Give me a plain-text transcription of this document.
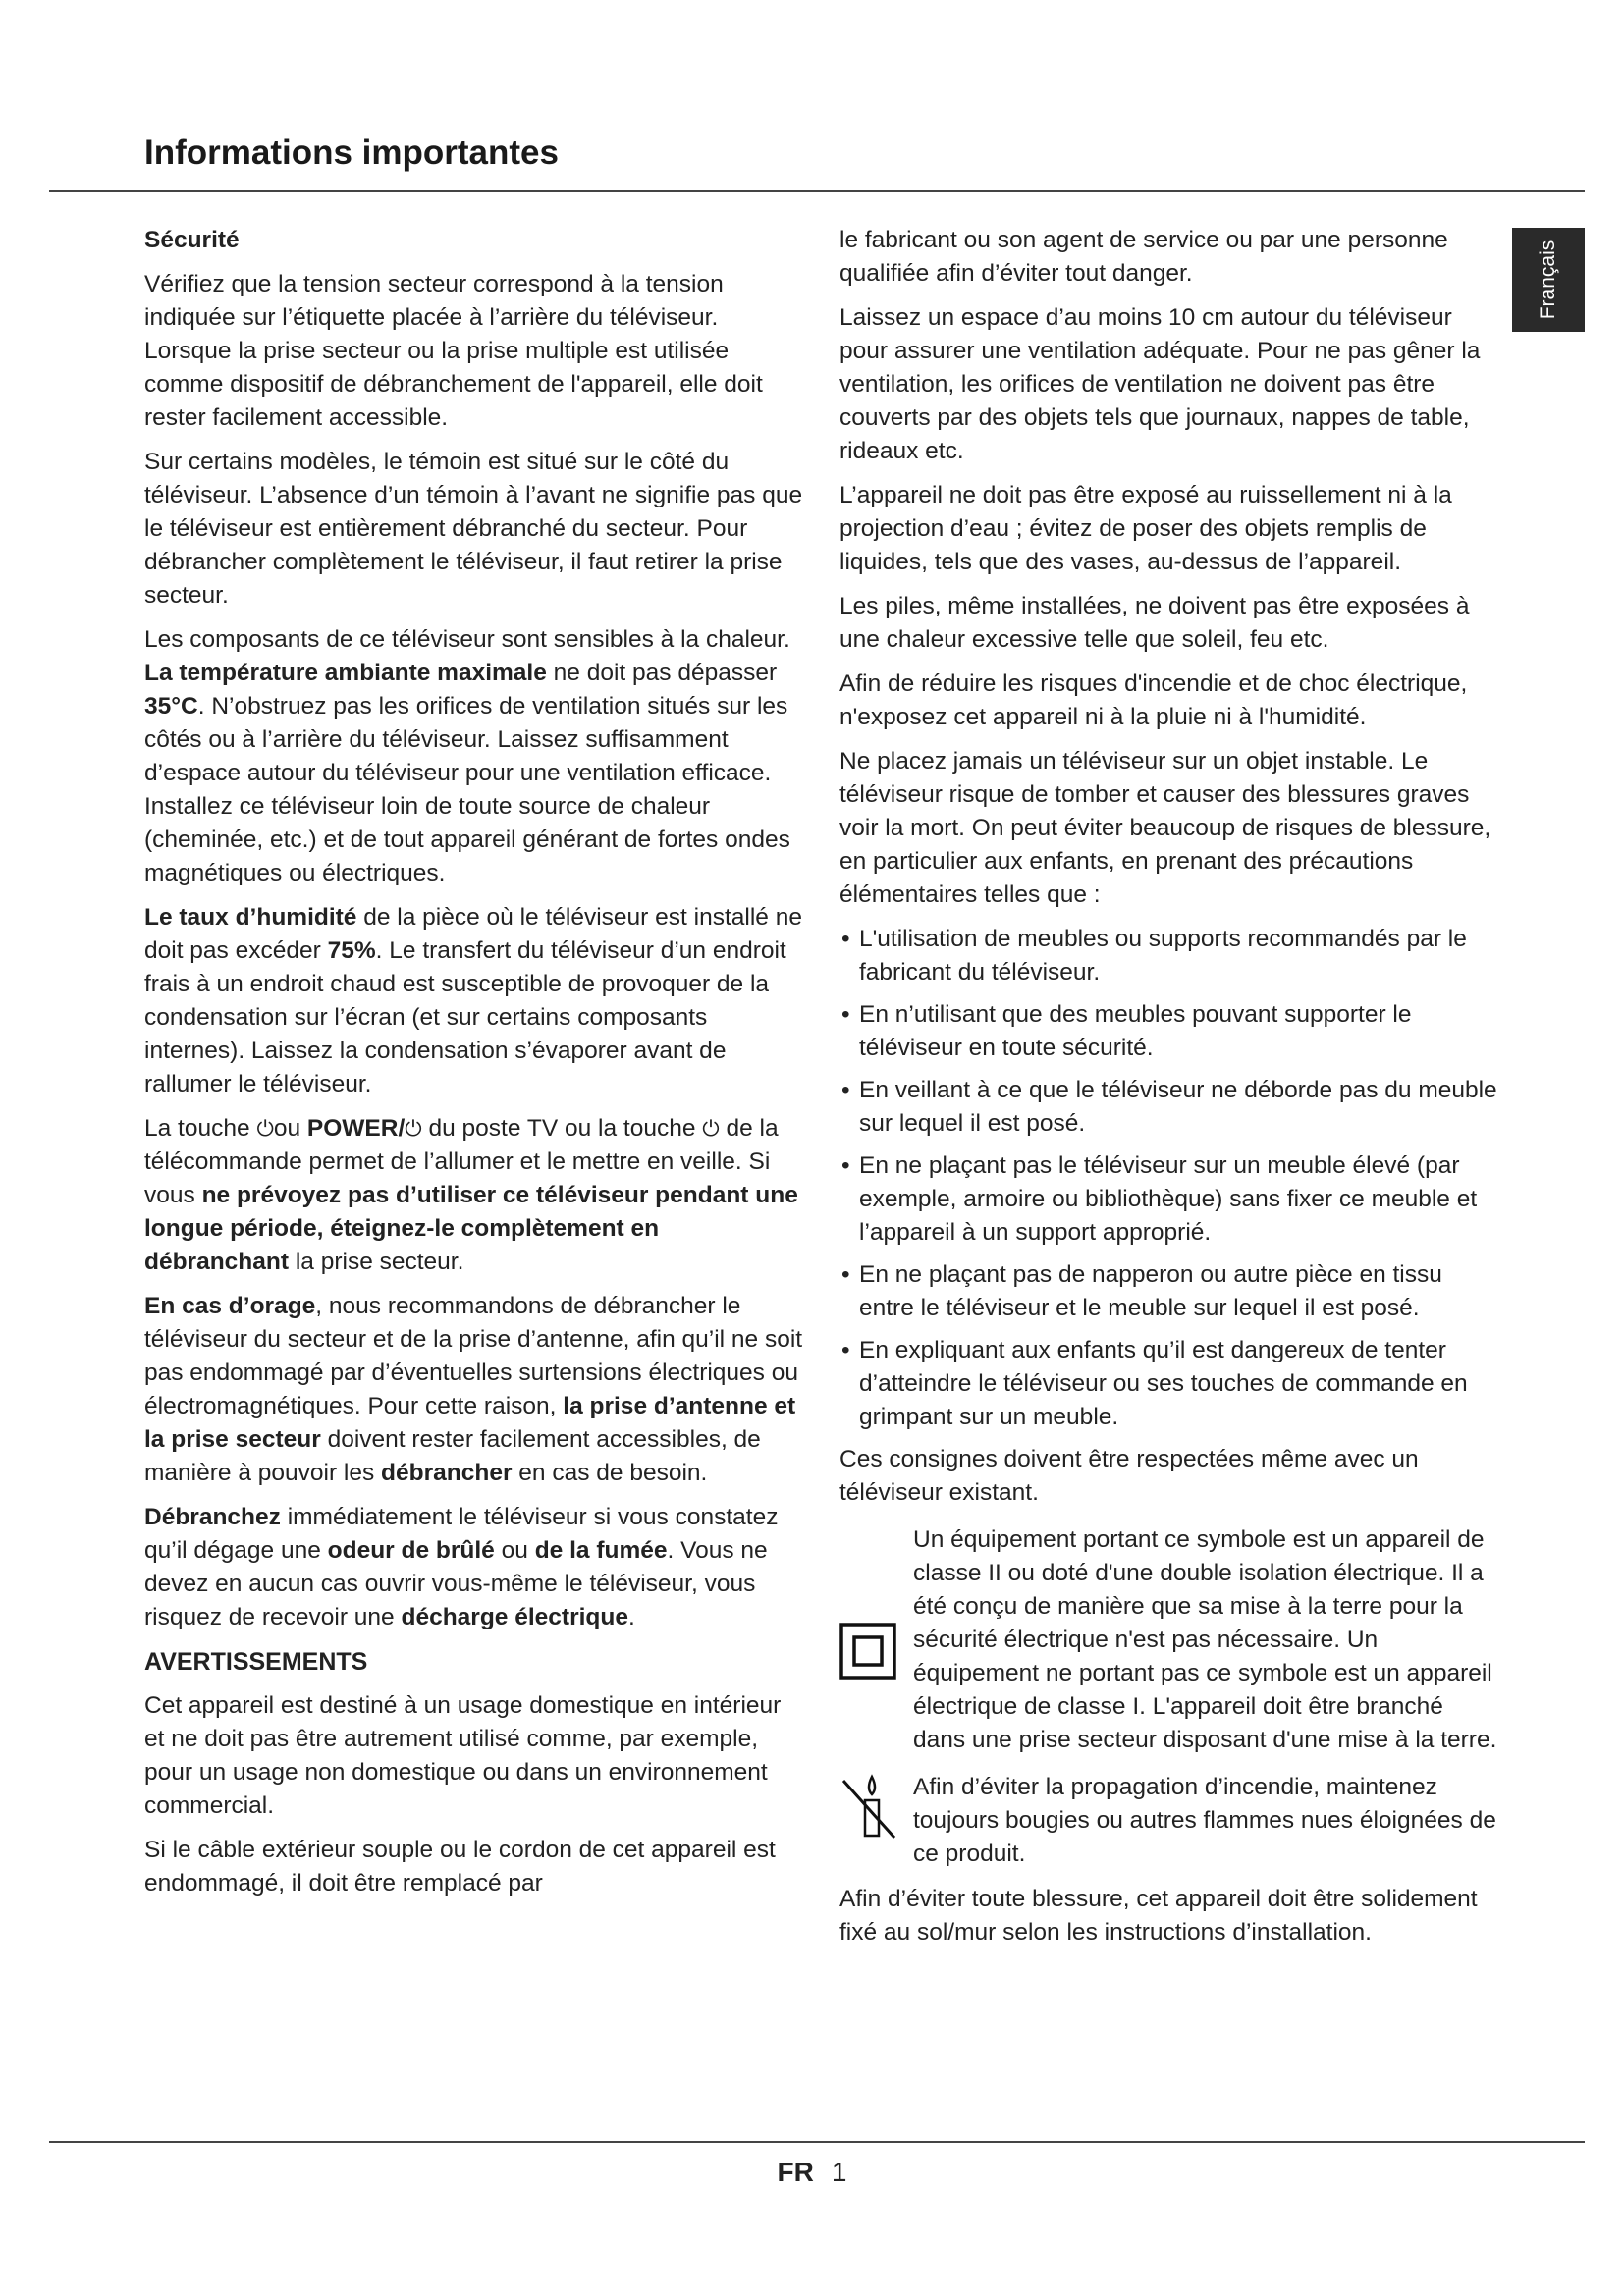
Informations importantes
Français

Sécurité

Vérifiez que la tension secteur correspond à la tension indiquée sur l’étiquette placée à l’arrière du téléviseur. Lorsque la prise secteur ou la prise multiple est utilisée comme dispositif de débranchement de l'appareil, elle doit rester facilement accessible.

Sur certains modèles, le témoin est situé sur le côté du téléviseur. L’absence d’un témoin à l’avant ne signifie pas que le téléviseur est entièrement débranché du secteur. Pour débrancher complètement le téléviseur, il faut retirer la prise secteur.

Les composants de ce téléviseur sont sensibles à la chaleur. La température ambiante maximale ne doit pas dépasser 35°C. N’obstruez pas les orifices de ventilation situés sur les côtés ou à l’arrière du téléviseur. Laissez suffisamment d’espace autour du téléviseur pour une ventilation efficace. Installez ce téléviseur loin de toute source de chaleur (cheminée, etc.) et de tout appareil générant de fortes ondes magnétiques ou électriques.

Le taux d’humidité de la pièce où le téléviseur est installé ne doit pas excéder 75%. Le transfert du téléviseur d’un endroit frais à un endroit chaud est susceptible de provoquer de la condensation sur l’écran (et sur certains composants internes). Laissez la condensation s’évaporer avant de rallumer le téléviseur.

La touche ⏻ou POWER/⏻ du poste TV ou la touche ⏻ de la télécommande permet de l’allumer et le mettre en veille. Si vous ne prévoyez pas d’utiliser ce téléviseur pendant une longue période, éteignez-le complètement en débranchant la prise secteur.

En cas d’orage, nous recommandons de débrancher le téléviseur du secteur et de la prise d’antenne, afin qu’il ne soit pas endommagé par d’éventuelles surtensions électriques ou électromagnétiques. Pour cette raison, la prise d’antenne et la prise secteur doivent rester facilement accessibles, de manière à pouvoir les débrancher en cas de besoin.

Débranchez immédiatement le téléviseur si vous constatez qu’il dégage une odeur de brûlé ou de la fumée. Vous ne devez en aucun cas ouvrir vous-même le téléviseur, vous risquez de recevoir une décharge électrique.

AVERTISSEMENTS

Cet appareil est destiné à un usage domestique en intérieur et ne doit pas être autrement utilisé comme, par exemple, pour un usage non domestique ou dans un environnement commercial.

Si le câble extérieur souple ou le cordon de cet appareil est endommagé, il doit être remplacé par

le fabricant ou son agent de service ou par une personne qualifiée afin d’éviter tout danger.

Laissez un espace d’au moins 10 cm autour du téléviseur pour assurer une ventilation adéquate. Pour ne pas gêner la ventilation, les orifices de ventilation ne doivent pas être couverts par des objets tels que journaux, nappes de table, rideaux etc.

L’appareil ne doit pas être exposé au ruissellement ni à la projection d’eau ; évitez de poser des objets remplis de liquides, tels que des vases, au-dessus de l’appareil.

Les piles, même installées, ne doivent pas être exposées à une chaleur excessive telle que soleil, feu etc.

Afin de réduire les risques d'incendie et de choc électrique, n'exposez cet appareil ni à la pluie ni à l'humidité.

Ne placez jamais un téléviseur sur un objet instable. Le téléviseur risque de tomber et causer des blessures graves voir la mort. On peut éviter beaucoup de risques de blessure, en particulier aux enfants, en prenant des précautions élémentaires telles que :

• L'utilisation de meubles ou supports recommandés par le fabricant du téléviseur.
• En n’utilisant que des meubles pouvant supporter le téléviseur en toute sécurité.
• En veillant à ce que le téléviseur ne déborde pas du meuble sur lequel il est posé.
• En ne plaçant pas le téléviseur sur un meuble élevé (par exemple, armoire ou bibliothèque) sans fixer ce meuble et l’appareil à un support approprié.
• En ne plaçant pas de napperon ou autre pièce en tissu entre le téléviseur et le meuble sur lequel il est posé.
• En expliquant aux enfants qu’il est dangereux de tenter d’atteindre le téléviseur ou ses touches de commande en grimpant sur un meuble.

Ces consignes doivent être respectées même avec un téléviseur existant.

Un équipement portant ce symbole est un appareil de classe II ou doté d'une double isolation électrique. Il a été conçu de manière que sa mise à la terre pour la sécurité électrique n'est pas nécessaire. Un équipement ne portant pas ce symbole est un appareil électrique de classe I. L'appareil doit être branché dans une prise secteur disposant d'une mise à la terre.

Afin d’éviter la propagation d’incendie, maintenez toujours bougies ou autres flammes nues éloignées de ce produit.

Afin d’éviter toute blessure, cet appareil doit être solidement fixé au sol/mur selon les instructions d’installation.

FR 1
